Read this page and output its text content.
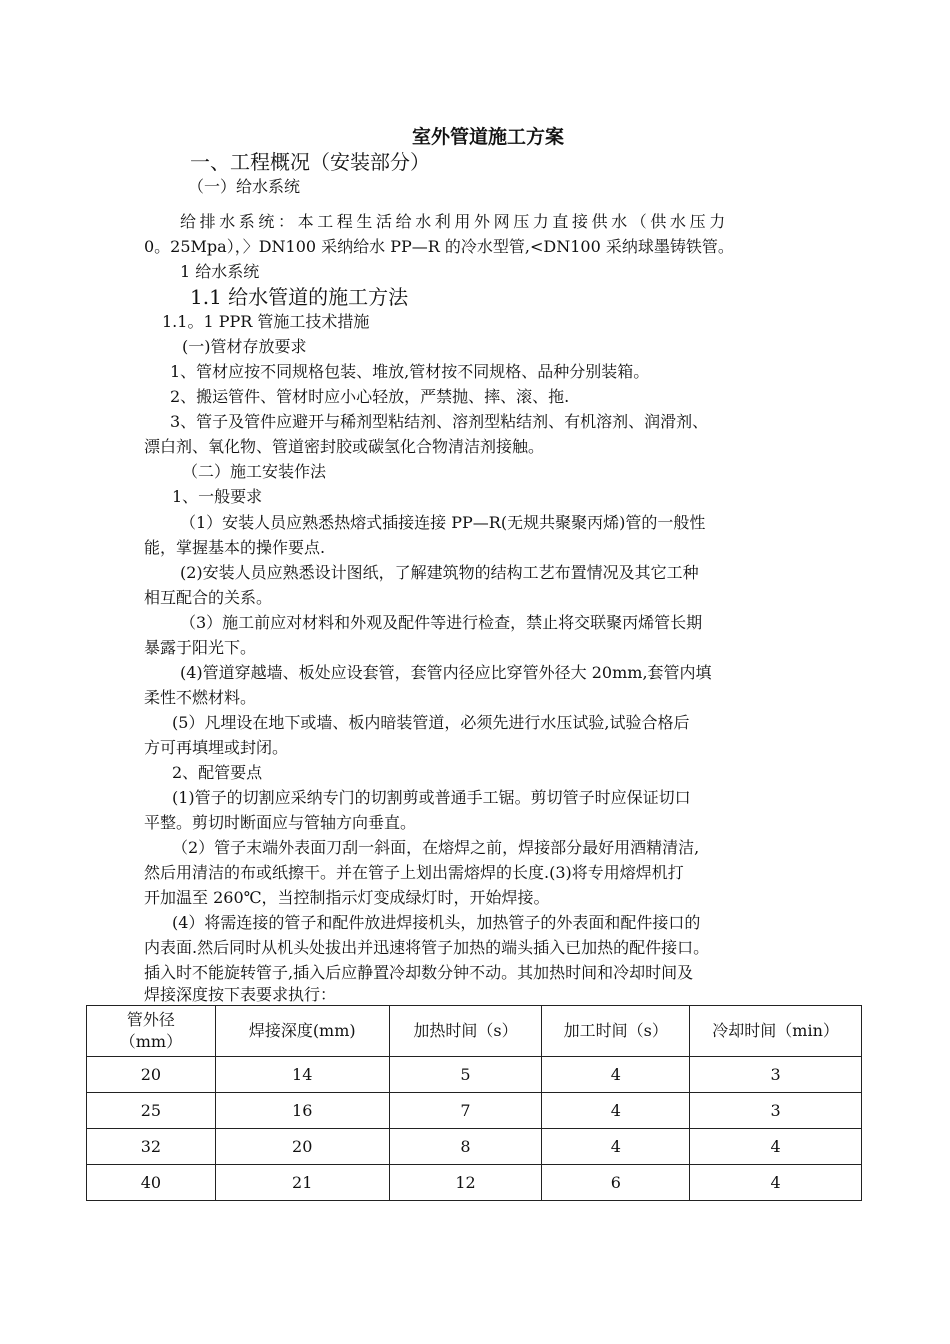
室外管道施工方案
一、工程概况（安装部分）
（一）给水系统
给排水系统：本工程生活给水利用外网压力直接供水（供水压力
0。25Mpa），〉DN100 采纳给水 PP—R 的冷水型管,<DN100 采纳球墨铸铁管。
1 给水系统
1.1 给水管道的施工方法
1.1。1 PPR 管施工技术措施
(一)管材存放要求
1、管材应按不同规格包装、堆放,管材按不同规格、品种分别装箱。
2、搬运管件、管材时应小心轻放，严禁抛、摔、滚、拖.
3、管子及管件应避开与稀剂型粘结剂、溶剂型粘结剂、有机溶剂、润滑剂、
漂白剂、氧化物、管道密封胶或碳氢化合物清洁剂接触。
（二）施工安装作法
1、一般要求
（1）安装人员应熟悉热熔式插接连接 PP—R(无规共聚聚丙烯)管的一般性
能，掌握基本的操作要点.
(2)安装人员应熟悉设计图纸，了解建筑物的结构工艺布置情况及其它工种
相互配合的关系。
（3）施工前应对材料和外观及配件等进行检查，禁止将交联聚丙烯管长期
暴露于阳光下。
(4)管道穿越墙、板处应设套管，套管内径应比穿管外径大 20mm,套管内填
柔性不燃材料。
(5）凡埋设在地下或墙、板内暗装管道，必须先进行水压试验,试验合格后
方可再填埋或封闭。
2、配管要点
(1)管子的切割应采纳专门的切割剪或普通手工锯。剪切管子时应保证切口
平整。剪切时断面应与管轴方向垂直。
（2）管子末端外表面刀刮一斜面，在熔焊之前，焊接部分最好用酒精清洁,
然后用清洁的布或纸擦干。并在管子上划出需熔焊的长度.(3)将专用熔焊机打
开加温至 260℃，当控制指示灯变成绿灯时，开始焊接。
(4）将需连接的管子和配件放进焊接机头，加热管子的外表面和配件接口的
内表面.然后同时从机头处拔出并迅速将管子加热的端头插入已加热的配件接口。
插入时不能旋转管子,插入后应静置冷却数分钟不动。其加热时间和冷却时间及
焊接深度按下表要求执行：
管外径
（mm）	焊接深度(mm)	加热时间（s）	加工时间（s）	冷却时间（min）
20	14	5	4	3
25	16	7	4	3
32	20	8	4	4
40	21	12	6	4
